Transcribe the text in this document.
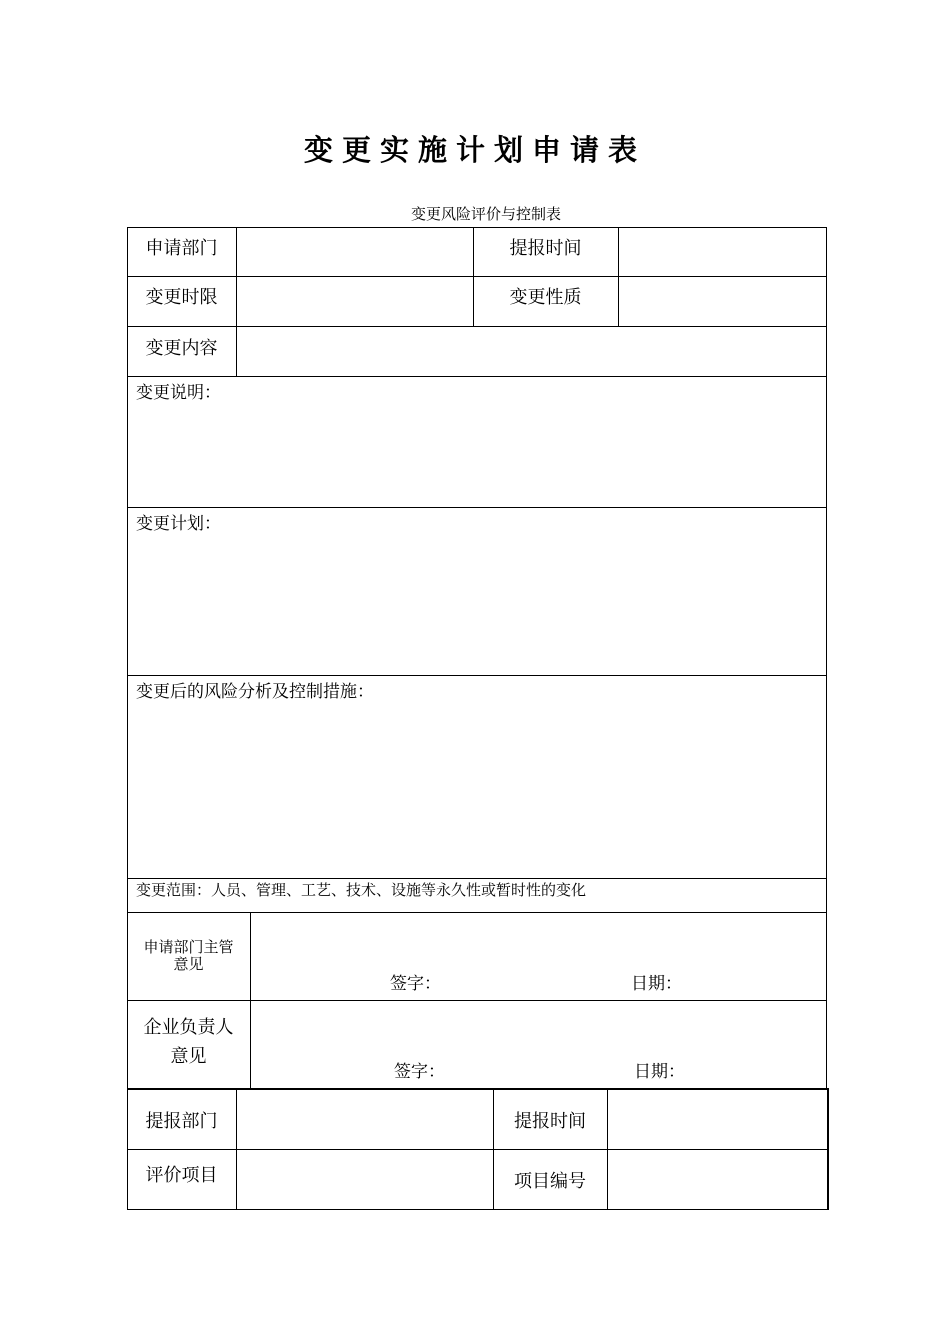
变更实施计划申请表
变更风险评价与控制表
申请部门	提报时间
变更时限	变更性质
变更内容
变更说明：
变更计划：
变更后的风险分析及控制措施：
变更范围：人员、管理、工艺、技术、设施等永久性或暂时性的变化
申请部门主管
意见
签字：	日期：
企业负责人
意见
签字：	日期：
提报部门	提报时间
评价项目	项目编号
